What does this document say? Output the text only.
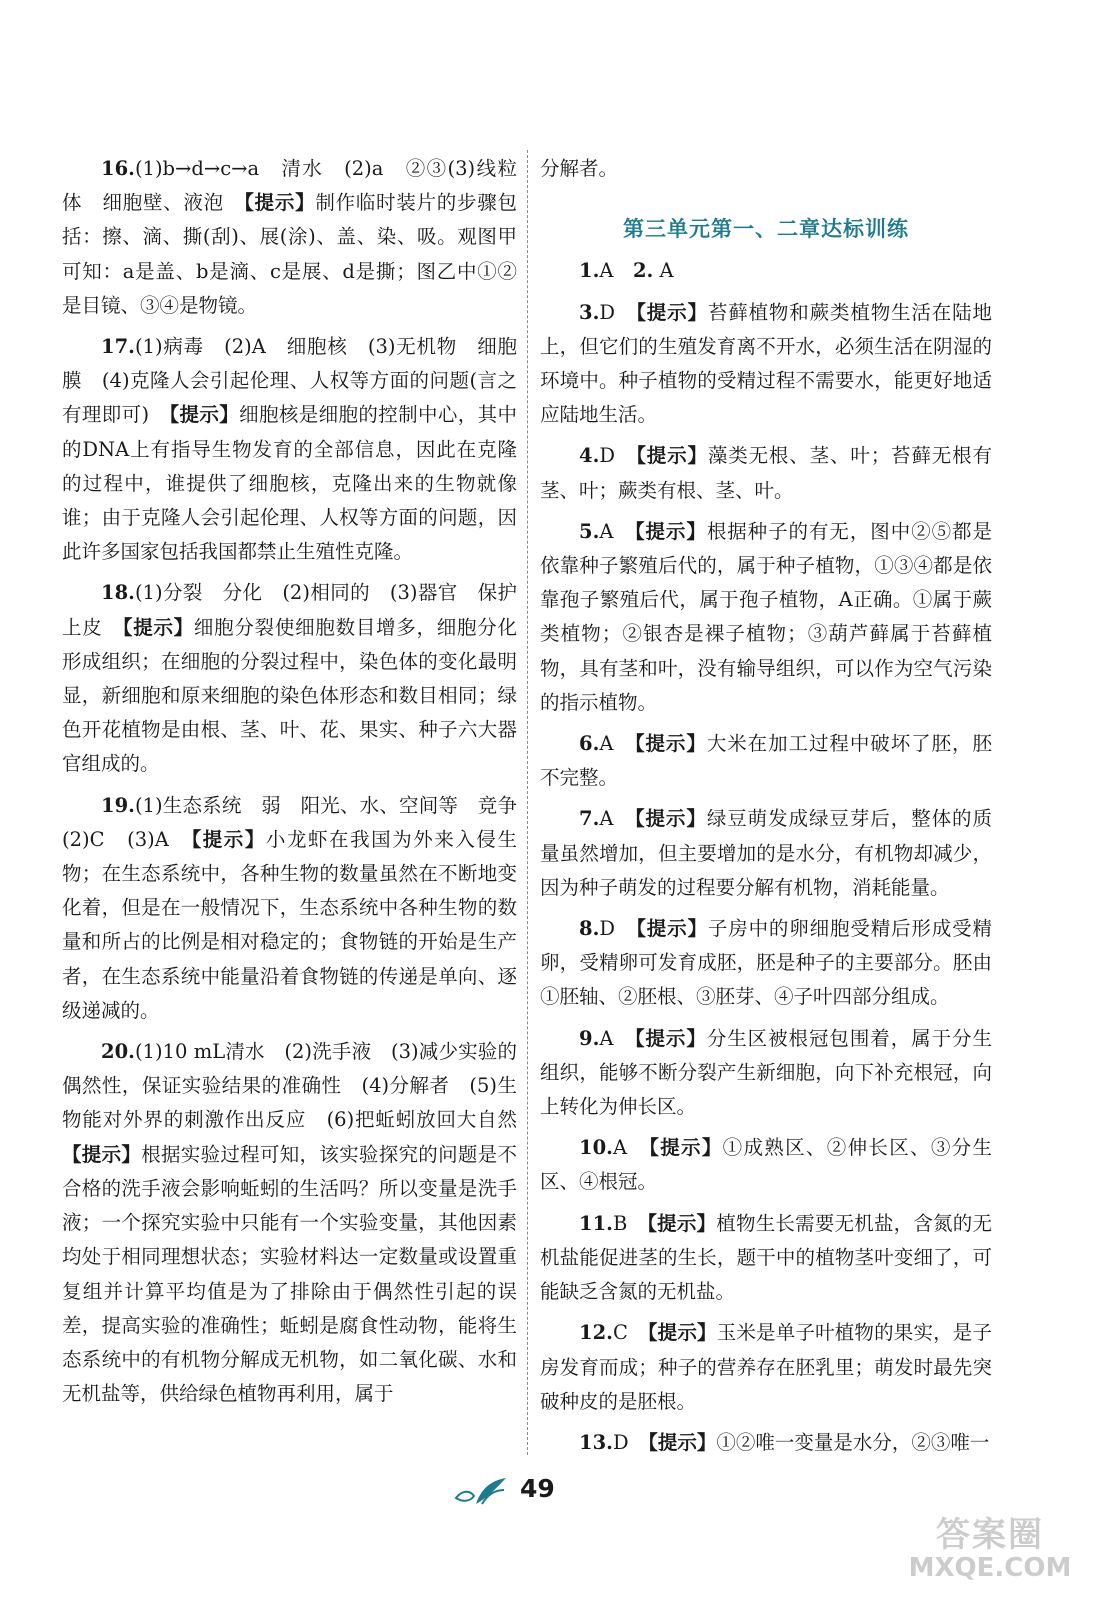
16.(1)b→d→c→a　清水　(2)a　②③(3)线粒体　细胞壁、液泡　【提示】制作临时装片的步骤包括：擦、滴、撕(刮)、展(涂)、盖、染、吸。观图甲可知：a是盖、b是滴、c是展、d是撕；图乙中①②是目镜、③④是物镜。

17.(1)病毒　(2)A　细胞核　(3)无机物　细胞膜　(4)克隆人会引起伦理、人权等方面的问题(言之有理即可)　【提示】细胞核是细胞的控制中心，其中的DNA上有指导生物发育的全部信息，因此在克隆的过程中，谁提供了细胞核，克隆出来的生物就像谁；由于克隆人会引起伦理、人权等方面的问题，因此许多国家包括我国都禁止生殖性克隆。

18.(1)分裂　分化　(2)相同的　(3)器官　保护　上皮　【提示】细胞分裂使细胞数目增多，细胞分化形成组织；在细胞的分裂过程中，染色体的变化最明显，新细胞和原来细胞的染色体形态和数目相同；绿色开花植物是由根、茎、叶、花、果实、种子六大器官组成的。

19.(1)生态系统　弱　阳光、水、空间等　竞争　(2)C　(3)A　【提示】小龙虾在我国为外来入侵生物；在生态系统中，各种生物的数量虽然在不断地变化着，但是在一般情况下，生态系统中各种生物的数量和所占的比例是相对稳定的；食物链的开始是生产者，在生态系统中能量沿着食物链的传递是单向、逐级递减的。

20.(1)10 mL清水　(2)洗手液　(3)减少实验的偶然性，保证实验结果的准确性　(4)分解者　(5)生物能对外界的刺激作出反应　(6)把蚯蚓放回大自然　【提示】根据实验过程可知，该实验探究的问题是不合格的洗手液会影响蚯蚓的生活吗？所以变量是洗手液；一个探究实验中只能有一个实验变量，其他因素均处于相同理想状态；实验材料达一定数量或设置重复组并计算平均值是为了排除由于偶然性引起的误差，提高实验的准确性；蚯蚓是腐食性动物，能将生态系统中的有机物分解成无机物，如二氧化碳、水和无机盐等，供给绿色植物再利用，属于

分解者。

第三单元第一、二章达标训练

1.A　2. A

3.D　【提示】苔藓植物和蕨类植物生活在陆地上，但它们的生殖发育离不开水，必须生活在阴湿的环境中。种子植物的受精过程不需要水，能更好地适应陆地生活。

4.D　【提示】藻类无根、茎、叶；苔藓无根有茎、叶；蕨类有根、茎、叶。

5.A　【提示】根据种子的有无，图中②⑤都是依靠种子繁殖后代的，属于种子植物，①③④都是依靠孢子繁殖后代，属于孢子植物，A正确。①属于蕨类植物；②银杏是裸子植物；③葫芦藓属于苔藓植物，具有茎和叶，没有输导组织，可以作为空气污染的指示植物。

6.A　【提示】大米在加工过程中破坏了胚，胚不完整。

7.A　【提示】绿豆萌发成绿豆芽后，整体的质量虽然增加，但主要增加的是水分，有机物却减少，因为种子萌发的过程要分解有机物，消耗能量。

8.D　【提示】子房中的卵细胞受精后形成受精卵，受精卵可发育成胚，胚是种子的主要部分。胚由①胚轴、②胚根、③胚芽、④子叶四部分组成。

9.A　【提示】分生区被根冠包围着，属于分生组织，能够不断分裂产生新细胞，向下补充根冠，向上转化为伸长区。

10.A　【提示】①成熟区、②伸长区、③分生区、④根冠。

11.B　【提示】植物生长需要无机盐，含氮的无机盐能促进茎的生长，题干中的植物茎叶变细了，可能缺乏含氮的无机盐。

12.C　【提示】玉米是单子叶植物的果实，是子房发育而成；种子的营养存在胚乳里；萌发时最先突破种皮的是胚根。

13.D　【提示】①②唯一变量是水分，②③唯一

49
答案圈
MXQE.COM
